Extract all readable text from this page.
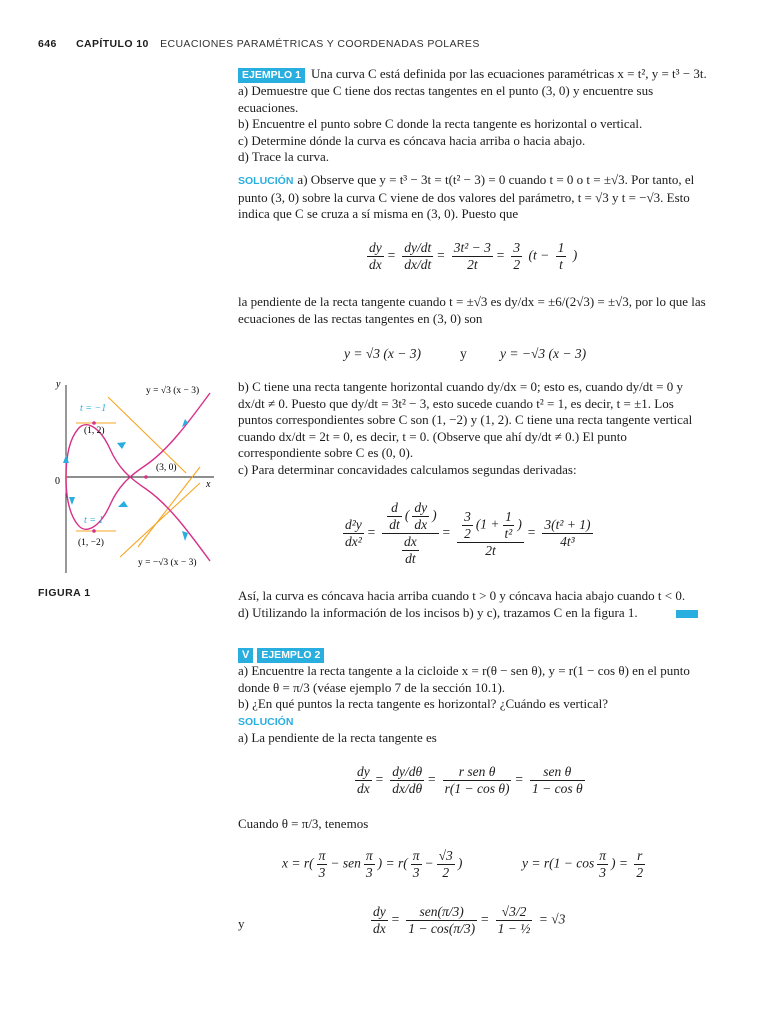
646 CAPÍTULO 10 ECUACIONES PARAMÉTRICAS Y COORDENADAS POLARES

EJEMPLO 1 Una curva C está definida por las ecuaciones paramétricas x = t², y = t³ − 3t.

a) Demuestre que C tiene dos rectas tangentes en el punto (3, 0) y encuentre sus ecuaciones.

b) Encuentre el punto sobre C donde la recta tangente es horizontal o vertical.

c) Determine dónde la curva es cóncava hacia arriba o hacia abajo.

d) Trace la curva.

SOLUCIÓN a) Observe que y = t³ − 3t = t(t² − 3) = 0 cuando t = 0 o t = ±√3. Por tanto, el punto (3, 0) sobre la curva C viene de dos valores del parámetro, t = √3 y t = −√3. Esto indica que C se cruza a sí misma en (3, 0). Puesto que

$\frac{dy}{dx} = \frac{dy/dt}{dx/dt} = \frac{\text{3t² − 3}}{2t} = \frac{3}{2} (t - \frac{1}{t}$ )

la pendiente de la recta tangente cuando t = ±√3 es dy/dx = ±6/(2√3) = ±√3, por lo que las ecuaciones de las rectas tangentes en (3, 0) son

y = √3 (x − 3)	y y = −√3 (x − 3)

b) C tiene una recta tangente horizontal cuando dy/dx = 0; esto es, cuando dy/dt = 0 y dx/dt ≠ 0. Puesto que dy/dt = 3t² − 3, esto sucede cuando t² = 1, es decir, t = ±1. Los puntos correspondientes sobre C son (1, −2) y (1, 2). C tiene una recta tangente vertical cuando dx/dt = 2t = 0, es decir, t = 0. (Observe que ahí dy/dt ≠ 0.) El punto correspondiente sobre C es (0, 0).

c) Para determinar concavidades calculamos segundas derivadas:

$\frac{\text{d²y}}{\text{dx²}} = \frac{\frac{d}{dt} ( \frac{dy}{dx} )}{\frac{dx}{dt}} = \frac{\frac{3}{2} (1 + \frac{1}{\text{t²}} )}{2t} = \frac{\text{3(t² + 1)}}{\text{4t³}}$

Así, la curva es cóncava hacia arriba cuando t > 0 y cóncava hacia abajo cuando t < 0.

d) Utilizando la información de los incisos b) y c), trazamos C en la figura 1.

y
x
0
t = −1
(1, 2)
(3, 0)
t = 1
(1, −2)
y = √3 (x − 3)
y = −√3 (x − 3)
FIGURA 1

V EJEMPLO 2

a) Encuentre la recta tangente a la cicloide x = r(θ − sen θ), y = r(1 − cos θ) en el punto donde θ = π/3 (véase ejemplo 7 de la sección 10.1).

b) ¿En qué puntos la recta tangente es horizontal? ¿Cuándo es vertical?

SOLUCIÓN

a) La pendiente de la recta tangente es

$\frac{dy}{dx} = \frac{dy/d\theta}{dx/d\theta} = \frac{\text{r sen θ}}{\text{r(1 − cos θ)}} = \frac{\text{sen θ}}{\text{1 − cos θ}}$

Cuando θ = π/3, tenemos

$x = r( \frac{\pi}{3}$ − sen $\frac{\pi}{3}$ ) = $r( \frac{\pi}{3} - \frac{√3}{2}$ )	$y = r(1 - \cos \frac{\pi}{3}$ ) = $\frac{r}{2}$
y	$\frac{dy}{dx} = \frac{\text{sen(π/3)}}{1 - \cos(\pi/3)} = \frac{√3/2}{\text{1 − ½}} = √3$
